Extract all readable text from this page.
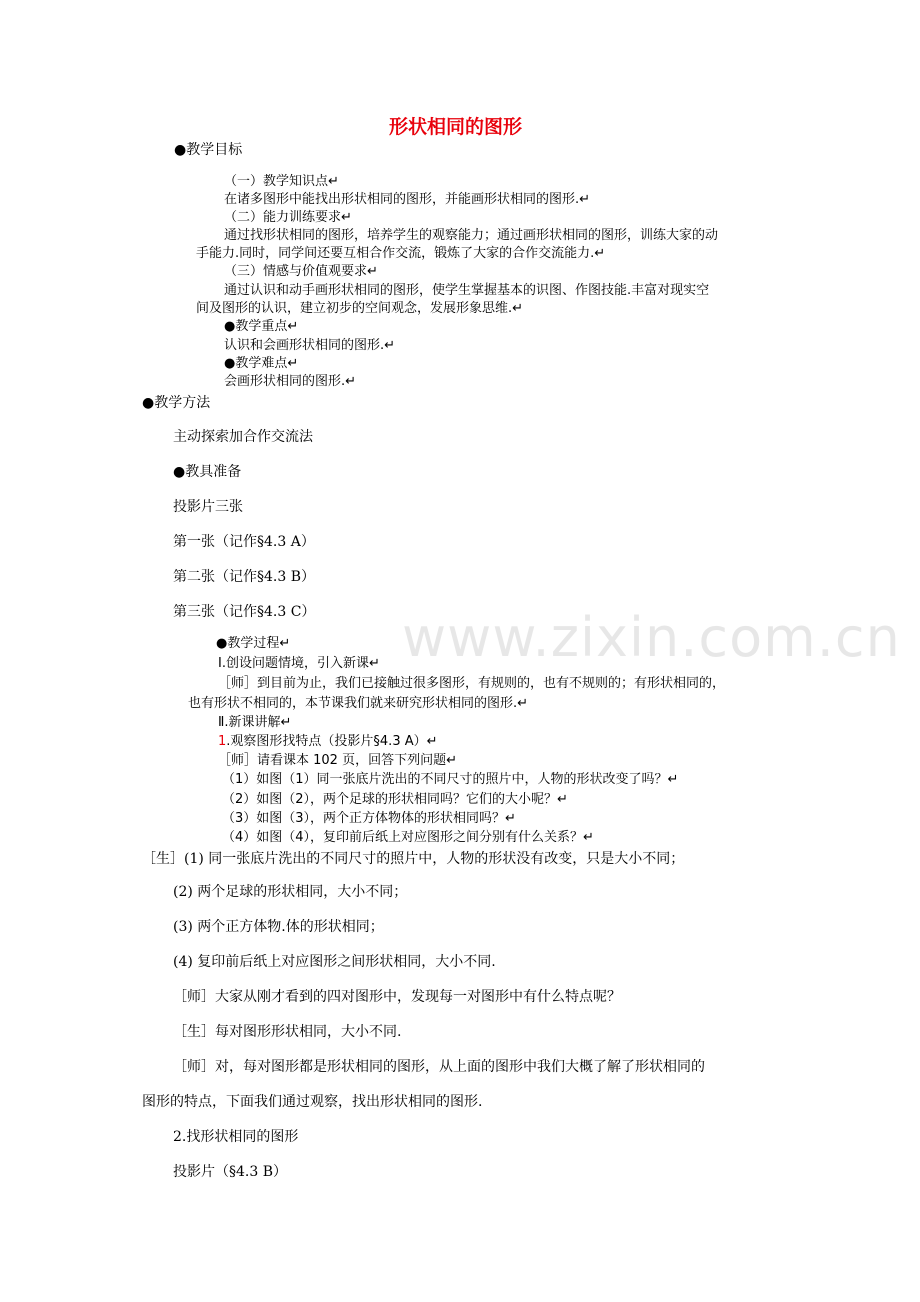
www.zixin.com.cn
形状相同的图形
●教学目标
（一）教学知识点↵
在诸多图形中能找出形状相同的图形，并能画形状相同的图形.↵
（二）能力训练要求↵
通过找形状相同的图形，培养学生的观察能力；通过画形状相同的图形，训练大家的动
手能力.同时，同学间还要互相合作交流，锻炼了大家的合作交流能力.↵
（三）情感与价值观要求↵
通过认识和动手画形状相同的图形，使学生掌握基本的识图、作图技能.丰富对现实空
间及图形的认识，建立初步的空间观念，发展形象思维.↵
●教学重点↵
认识和会画形状相同的图形.↵
●教学难点↵
会画形状相同的图形.↵
●教学方法
主动探索加合作交流法
●教具准备
投影片三张
第一张（记作§4.3 A）
第二张（记作§4.3 B）
第三张（记作§4.3 C）
●教学过程↵
Ⅰ.创设问题情境，引入新课↵
［师］到目前为止，我们已接触过很多图形，有规则的，也有不规则的；有形状相同的，
也有形状不相同的，本节课我们就来研究形状相同的图形.↵
Ⅱ.新课讲解↵
1.观察图形找特点（投影片§4.3 A）↵
［师］请看课本 102 页，回答下列问题↵
（1）如图（1）同一张底片洗出的不同尺寸的照片中，人物的形状改变了吗？↵
（2）如图（2），两个足球的形状相同吗？它们的大小呢？↵
（3）如图（3），两个正方体物体的形状相同吗？↵
（4）如图（4），复印前后纸上对应图形之间分别有什么关系？↵
［生］(1) 同一张底片洗出的不同尺寸的照片中，人物的形状没有改变，只是大小不同；
(2) 两个足球的形状相同，大小不同；
(3) 两个正方体物.体的形状相同；
(4) 复印前后纸上对应图形之间形状相同，大小不同.
［师］大家从刚才看到的四对图形中，发现每一对图形中有什么特点呢？
［生］每对图形形状相同，大小不同.
［师］对，每对图形都是形状相同的图形，从上面的图形中我们大概了解了形状相同的
图形的特点，下面我们通过观察，找出形状相同的图形.
2.找形状相同的图形
投影片（§4.3 B）
